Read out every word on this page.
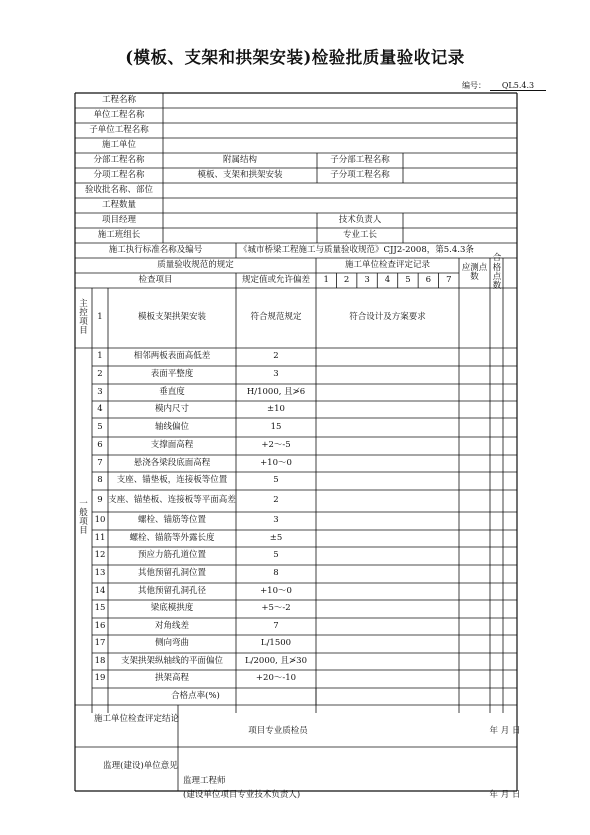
(模板、支架和拱架安装)检验批质量验收记录
编号： QL5.4.3
工程名称
单位工程名称
子单位工程名称
施工单位
分部工程名称	附属结构	子分部工程名称
分项工程名称	模板、支架和拱架安装	子分项工程名称
验收批名称、部位
工程数量
项目经理	技术负责人
施工班组长	专业工长
施工执行标准名称及编号	《城市桥梁工程施工与质量验收规范》CJJ2-2008，第5.4.3条
质量验收规范的规定	施工单位检查评定记录
检查项目	规定值或允许偏差	1	2	3	4	5	6	7
应测点数
合格点数
主控项目
1	模板支架拱架安装	符合规范规定	符合设计及方案要求
1	相邻两板表面高低差	2
2	表面平整度	3
3	垂直度	H/1000, 且≯6
4	模内尺寸	±10
5	轴线偏位	15
6	支撑面高程	+2～-5
7	悬浇各梁段底面高程	+10～0
8	支座、锚垫板，连接板等位置	5
9 支座、锚垫板、连接板等平面高差	2
10	螺栓、锚筋等位置	3
11	螺栓、锚筋等外露长度	±5
12	预应力筋孔道位置	5
13	其他预留孔洞位置	8
14	其他预留孔洞孔径	+10～0
15	梁底模拱度	+5～-2
16	对角线差	7
17	侧向弯曲	L/1500
18	支架拱架纵轴线的平面偏位	L/2000, 且≯30
19	拱架高程	+20～-10
一般项目
合格点率(%)
施工单位检查评定结论
项目专业质检员	年 月 日
监理(建设)单位意见
监理工程师
(建设单位项目专业技术负责人)	年 月 日
